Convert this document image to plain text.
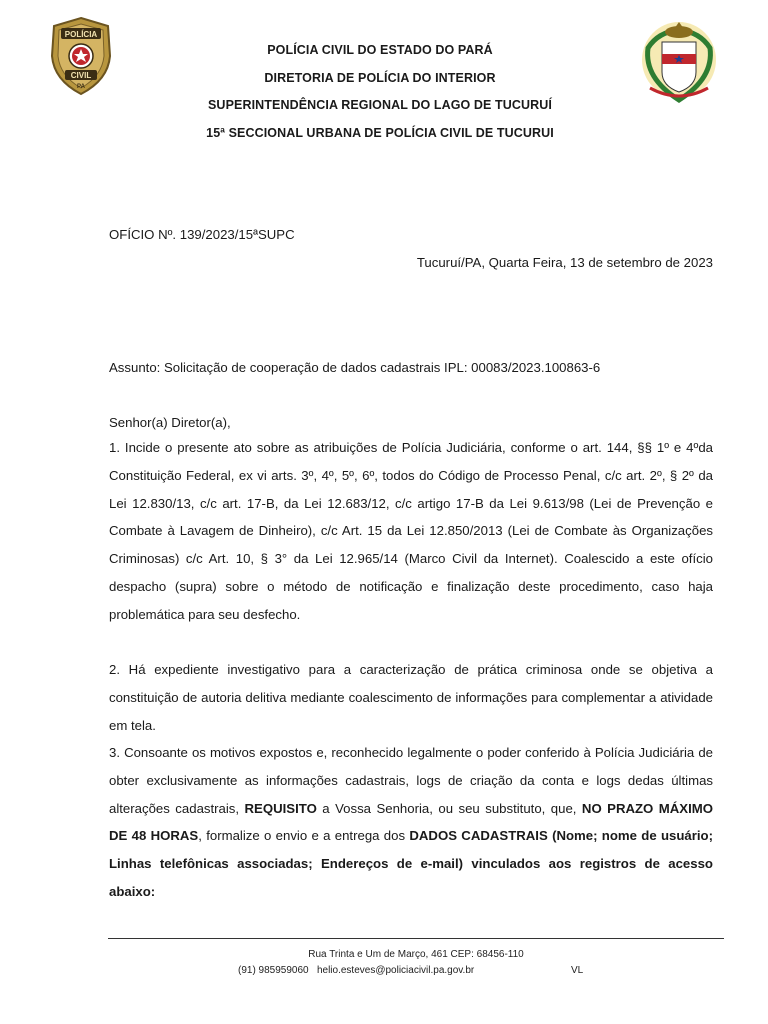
POLÍCIA
CIVIL
PA
POLÍCIA CIVIL DO ESTADO DO PARÁ
DIRETORIA DE POLÍCIA DO INTERIOR
SUPERINTENDÊNCIA REGIONAL DO LAGO DE TUCURUÍ
15ª SECCIONAL URBANA DE POLÍCIA CIVIL DE TUCURUI
OFÍCIO Nº. 139/2023/15ªSUPC
Tucuruí/PA, Quarta Feira, 13 de setembro de 2023
Assunto: Solicitação de cooperação de dados cadastrais IPL: 00083/2023.100863-6
Senhor(a) Diretor(a),
1. Incide o presente ato sobre as atribuições de Polícia Judiciária, conforme o art. 144, §§ 1º e 4ºda Constituição Federal, ex vi arts. 3º, 4º, 5º, 6º, todos do Código de Processo Penal, c/c art. 2º, § 2º da Lei 12.830/13, c/c art. 17-B, da Lei 12.683/12, c/c artigo 17-B da Lei 9.613/98 (Lei de Prevenção e Combate à Lavagem de Dinheiro), c/c Art. 15 da Lei 12.850/2013 (Lei de Combate às Organizações Criminosas) c/c Art. 10, § 3° da Lei 12.965/14 (Marco Civil da Internet). Coalescido a este ofício despacho (supra) sobre o método de notificação e finalização deste procedimento, caso haja problemática para seu desfecho.
2. Há expediente investigativo para a caracterização de prática criminosa onde se objetiva a constituição de autoria delitiva mediante coalescimento de informações para complementar a atividade em tela.
3. Consoante os motivos expostos e, reconhecido legalmente o poder conferido à Polícia Judiciária de obter exclusivamente as informações cadastrais, logs de criação da conta e logs dedas últimas alterações cadastrais, REQUISITO a Vossa Senhoria, ou seu substituto, que, NO PRAZO MÁXIMO DE 48 HORAS, formalize o envio e a entrega dos DADOS CADASTRAIS (Nome; nome de usuário; Linhas telefônicas associadas; Endereços de e-mail) vinculados aos registros de acesso abaixo:
Rua Trinta e Um de Março, 461 CEP: 68456-110
(91) 985959060   helio.esteves@policiacivil.pa.gov.br	VL
